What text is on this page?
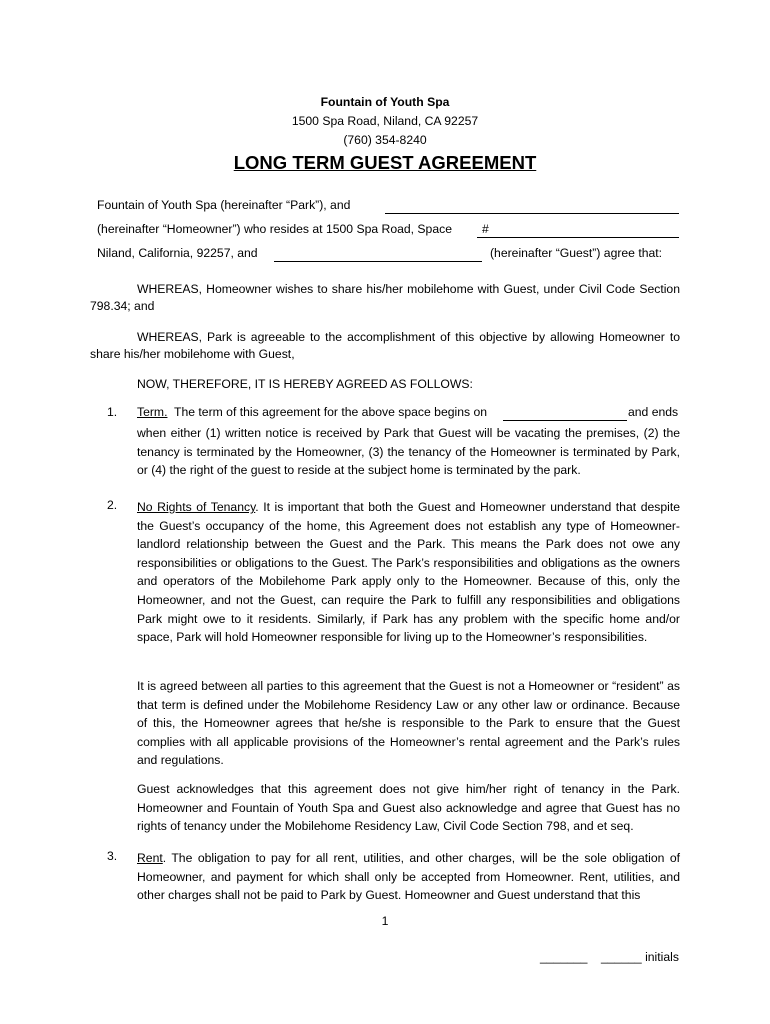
Fountain of Youth Spa
1500 Spa Road, Niland, CA 92257
(760) 354-8240
LONG TERM GUEST AGREEMENT
Fountain of Youth Spa (hereinafter “Park”), and
(hereinafter “Homeowner”) who resides at 1500 Spa Road, Space #
Niland, California, 92257, and	(hereinafter “Guest”) agree that:
WHEREAS, Homeowner wishes to share his/her mobilehome with Guest, under Civil Code Section
798.34; and
WHEREAS, Park is agreeable to the accomplishment of this objective by allowing Homeowner to
share his/her mobilehome with Guest,
NOW, THEREFORE, IT IS HEREBY AGREED AS FOLLOWS:
1. Term. The term of this agreement for the above space begins on	and ends
when either (1) written notice is received by Park that Guest will be vacating the premises, (2) the tenancy is terminated by the Homeowner, (3) the tenancy of the Homeowner is terminated by Park, or (4) the right of the guest to reside at the subject home is terminated by the park.
2. No Rights of Tenancy. It is important that both the Guest and Homeowner understand that despite the Guest’s occupancy of the home, this Agreement does not establish any type of Homeowner-landlord relationship between the Guest and the Park. This means the Park does not owe any responsibilities or obligations to the Guest. The Park’s responsibilities and obligations as the owners and operators of the Mobilehome Park apply only to the Homeowner. Because of this, only the Homeowner, and not the Guest, can require the Park to fulfill any responsibilities and obligations Park might owe to it residents. Similarly, if Park has any problem with the specific home and/or space, Park will hold Homeowner responsible for living up to the Homeowner’s responsibilities.
It is agreed between all parties to this agreement that the Guest is not a Homeowner or “resident” as that term is defined under the Mobilehome Residency Law or any other law or ordinance. Because of this, the Homeowner agrees that he/she is responsible to the Park to ensure that the Guest complies with all applicable provisions of the Homeowner’s rental agreement and the Park’s rules and regulations.
Guest acknowledges that this agreement does not give him/her right of tenancy in the Park. Homeowner and Fountain of Youth Spa and Guest also acknowledge and agree that Guest has no rights of tenancy under the Mobilehome Residency Law, Civil Code Section 798, and et seq.
3. Rent. The obligation to pay for all rent, utilities, and other charges, will be the sole obligation of Homeowner, and payment for which shall only be accepted from Homeowner. Rent, utilities, and other charges shall not be paid to Park by Guest. Homeowner and Guest understand that this
1
_______ ______ initials
